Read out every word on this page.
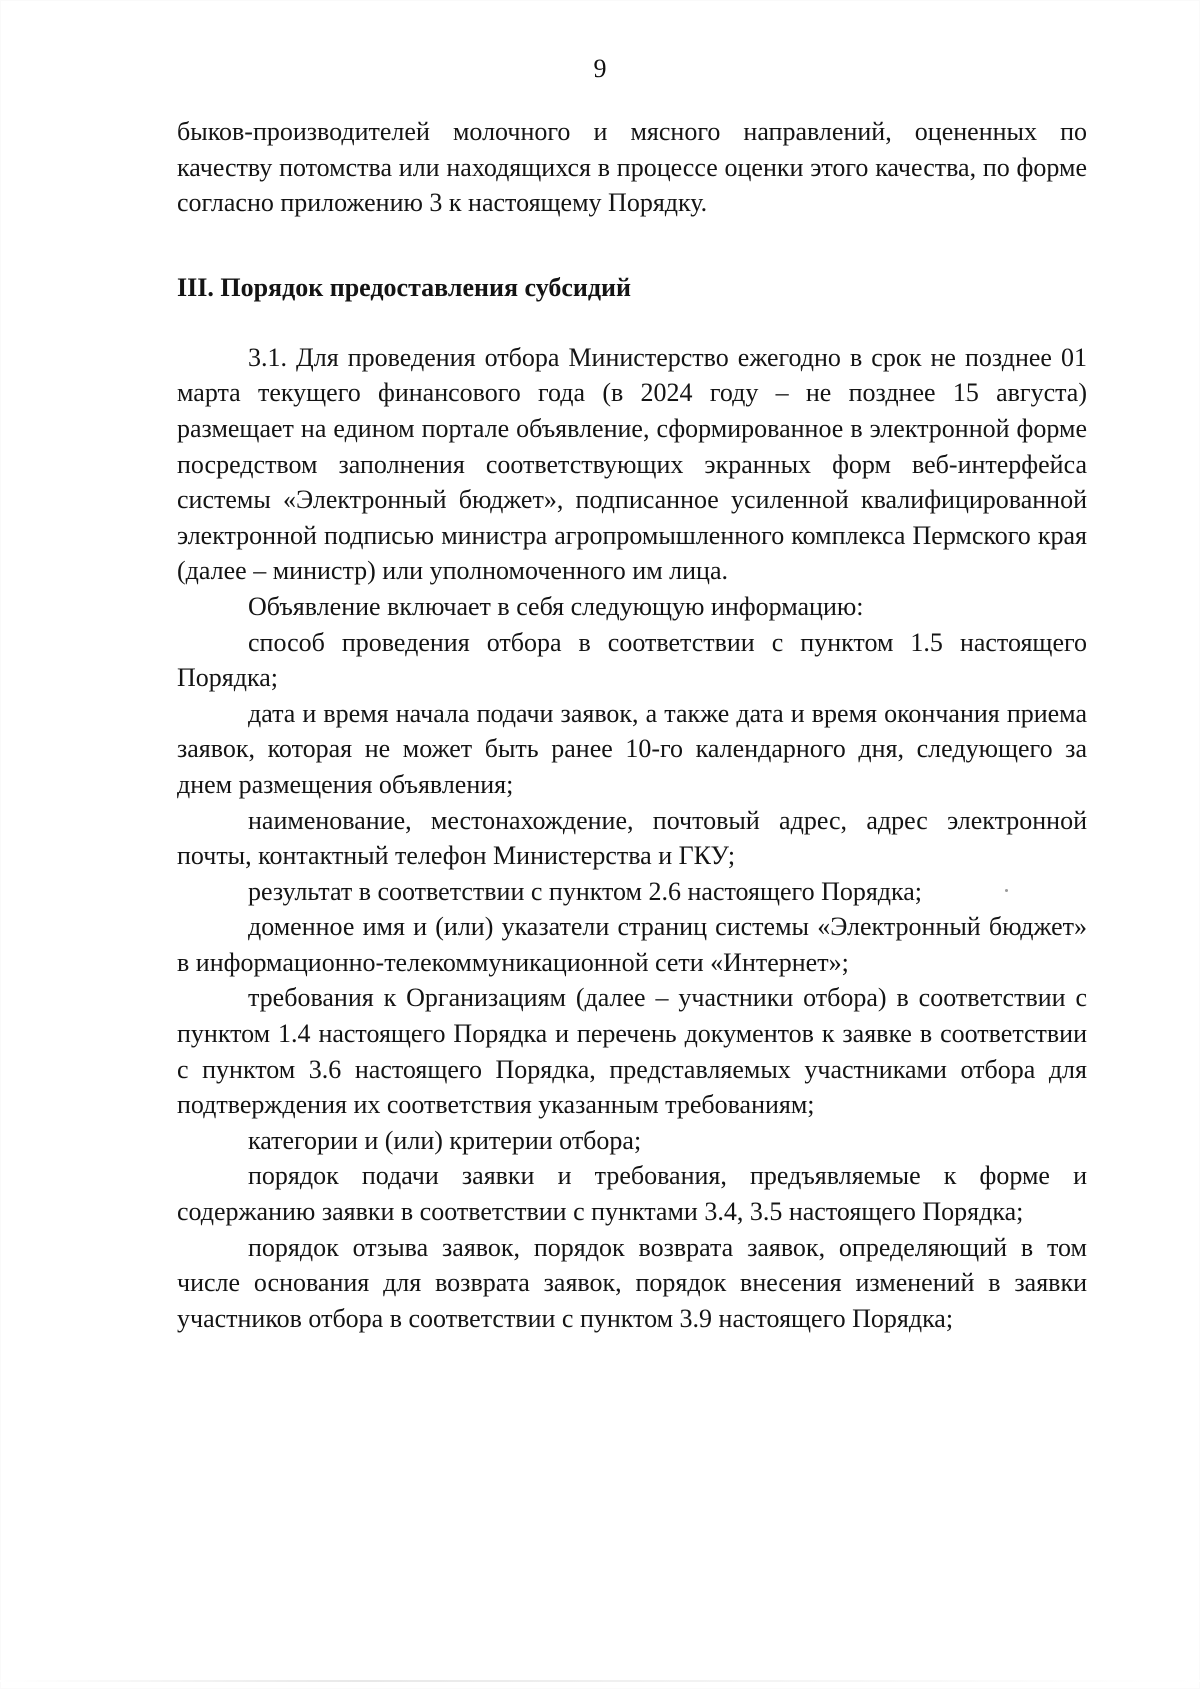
9

быков-производителей молочного и мясного направлений, оцененных по качеству потомства или находящихся в процессе оценки этого качества, по форме согласно приложению 3 к настоящему Порядку.

III. Порядок предоставления субсидий

3.1. Для проведения отбора Министерство ежегодно в срок не позднее 01 марта текущего финансового года (в 2024 году – не позднее 15 августа) размещает на едином портале объявление, сформированное в электронной форме посредством заполнения соответствующих экранных форм веб-интерфейса системы «Электронный бюджет», подписанное усиленной квалифицированной электронной подписью министра агропромышленного комплекса Пермского края (далее – министр) или уполномоченного им лица.

Объявление включает в себя следующую информацию:

способ проведения отбора в соответствии с пунктом 1.5 настоящего Порядка;

дата и время начала подачи заявок, а также дата и время окончания приема заявок, которая не может быть ранее 10-го календарного дня, следующего за днем размещения объявления;

наименование, местонахождение, почтовый адрес, адрес электронной почты, контактный телефон Министерства и ГКУ;

результат в соответствии с пунктом 2.6 настоящего Порядка;

доменное имя и (или) указатели страниц системы «Электронный бюджет» в информационно-телекоммуникационной сети «Интернет»;

требования к Организациям (далее – участники отбора) в соответствии с пунктом 1.4 настоящего Порядка и перечень документов к заявке в соответствии с пунктом 3.6 настоящего Порядка, представляемых участниками отбора для подтверждения их соответствия указанным требованиям;

категории и (или) критерии отбора;

порядок подачи заявки и требования, предъявляемые к форме и содержанию заявки в соответствии с пунктами 3.4, 3.5 настоящего Порядка;

порядок отзыва заявок, порядок возврата заявок, определяющий в том числе основания для возврата заявок, порядок внесения изменений в заявки участников отбора в соответствии с пунктом 3.9 настоящего Порядка;
